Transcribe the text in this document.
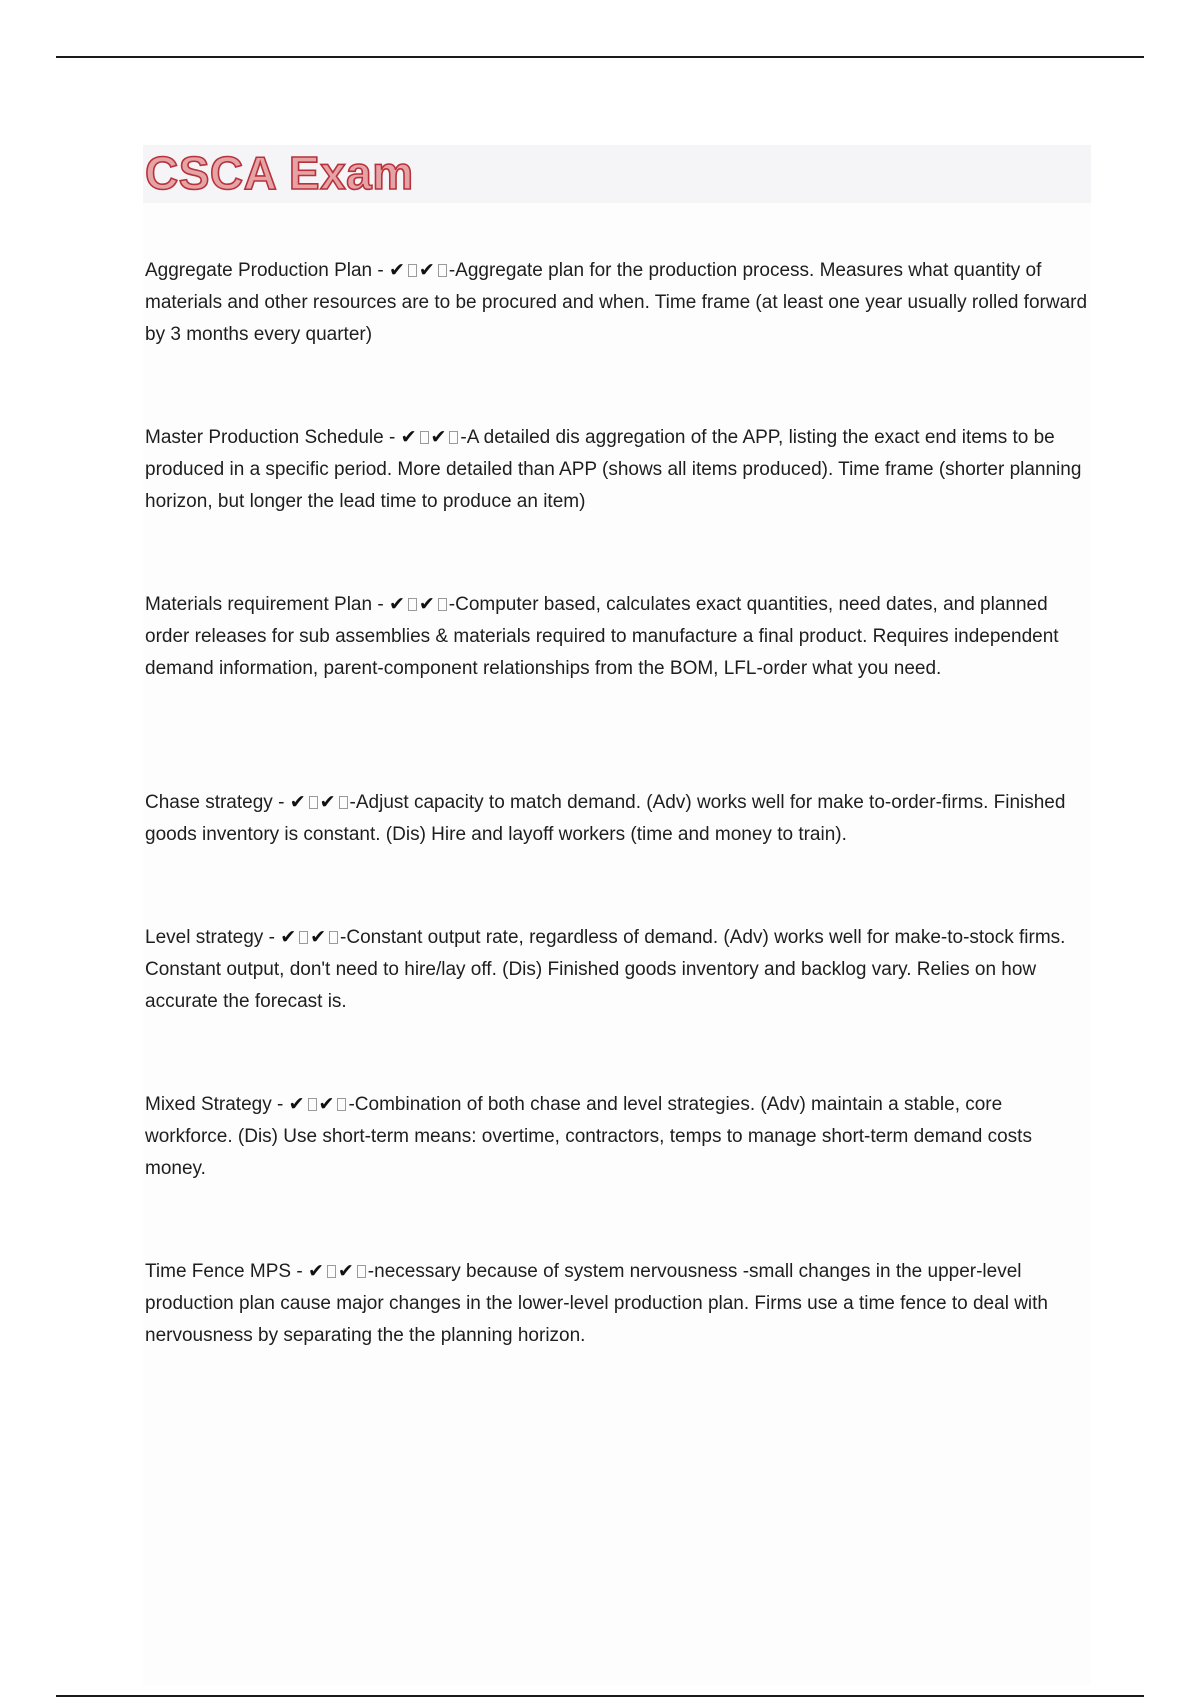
CSCA Exam

Aggregate Production Plan - ✔ ✔ -Aggregate plan for the production process. Measures what quantity of materials and other resources are to be procured and when. Time frame (at least one year usually rolled forward by 3 months every quarter)

Master Production Schedule - ✔ ✔ -A detailed dis aggregation of the APP, listing the exact end items to be produced in a specific period. More detailed than APP (shows all items produced). Time frame (shorter planning horizon, but longer the lead time to produce an item)

Materials requirement Plan - ✔ ✔ -Computer based, calculates exact quantities, need dates, and planned order releases for sub assemblies & materials required to manufacture a final product. Requires independent demand information, parent-component relationships from the BOM, LFL-order what you need.

Chase strategy - ✔ ✔ -Adjust capacity to match demand. (Adv) works well for make to-order-firms. Finished goods inventory is constant. (Dis) Hire and layoff workers (time and money to train).

Level strategy - ✔ ✔ -Constant output rate, regardless of demand. (Adv) works well for make-to-stock firms. Constant output, don't need to hire/lay off. (Dis) Finished goods inventory and backlog vary. Relies on how accurate the forecast is.

Mixed Strategy - ✔ ✔ -Combination of both chase and level strategies. (Adv) maintain a stable, core workforce. (Dis) Use short-term means: overtime, contractors, temps to manage short-term demand costs money.

Time Fence MPS - ✔ ✔ -necessary because of system nervousness -small changes in the upper-level production plan cause major changes in the lower-level production plan. Firms use a time fence to deal with nervousness by separating the the planning horizon.
